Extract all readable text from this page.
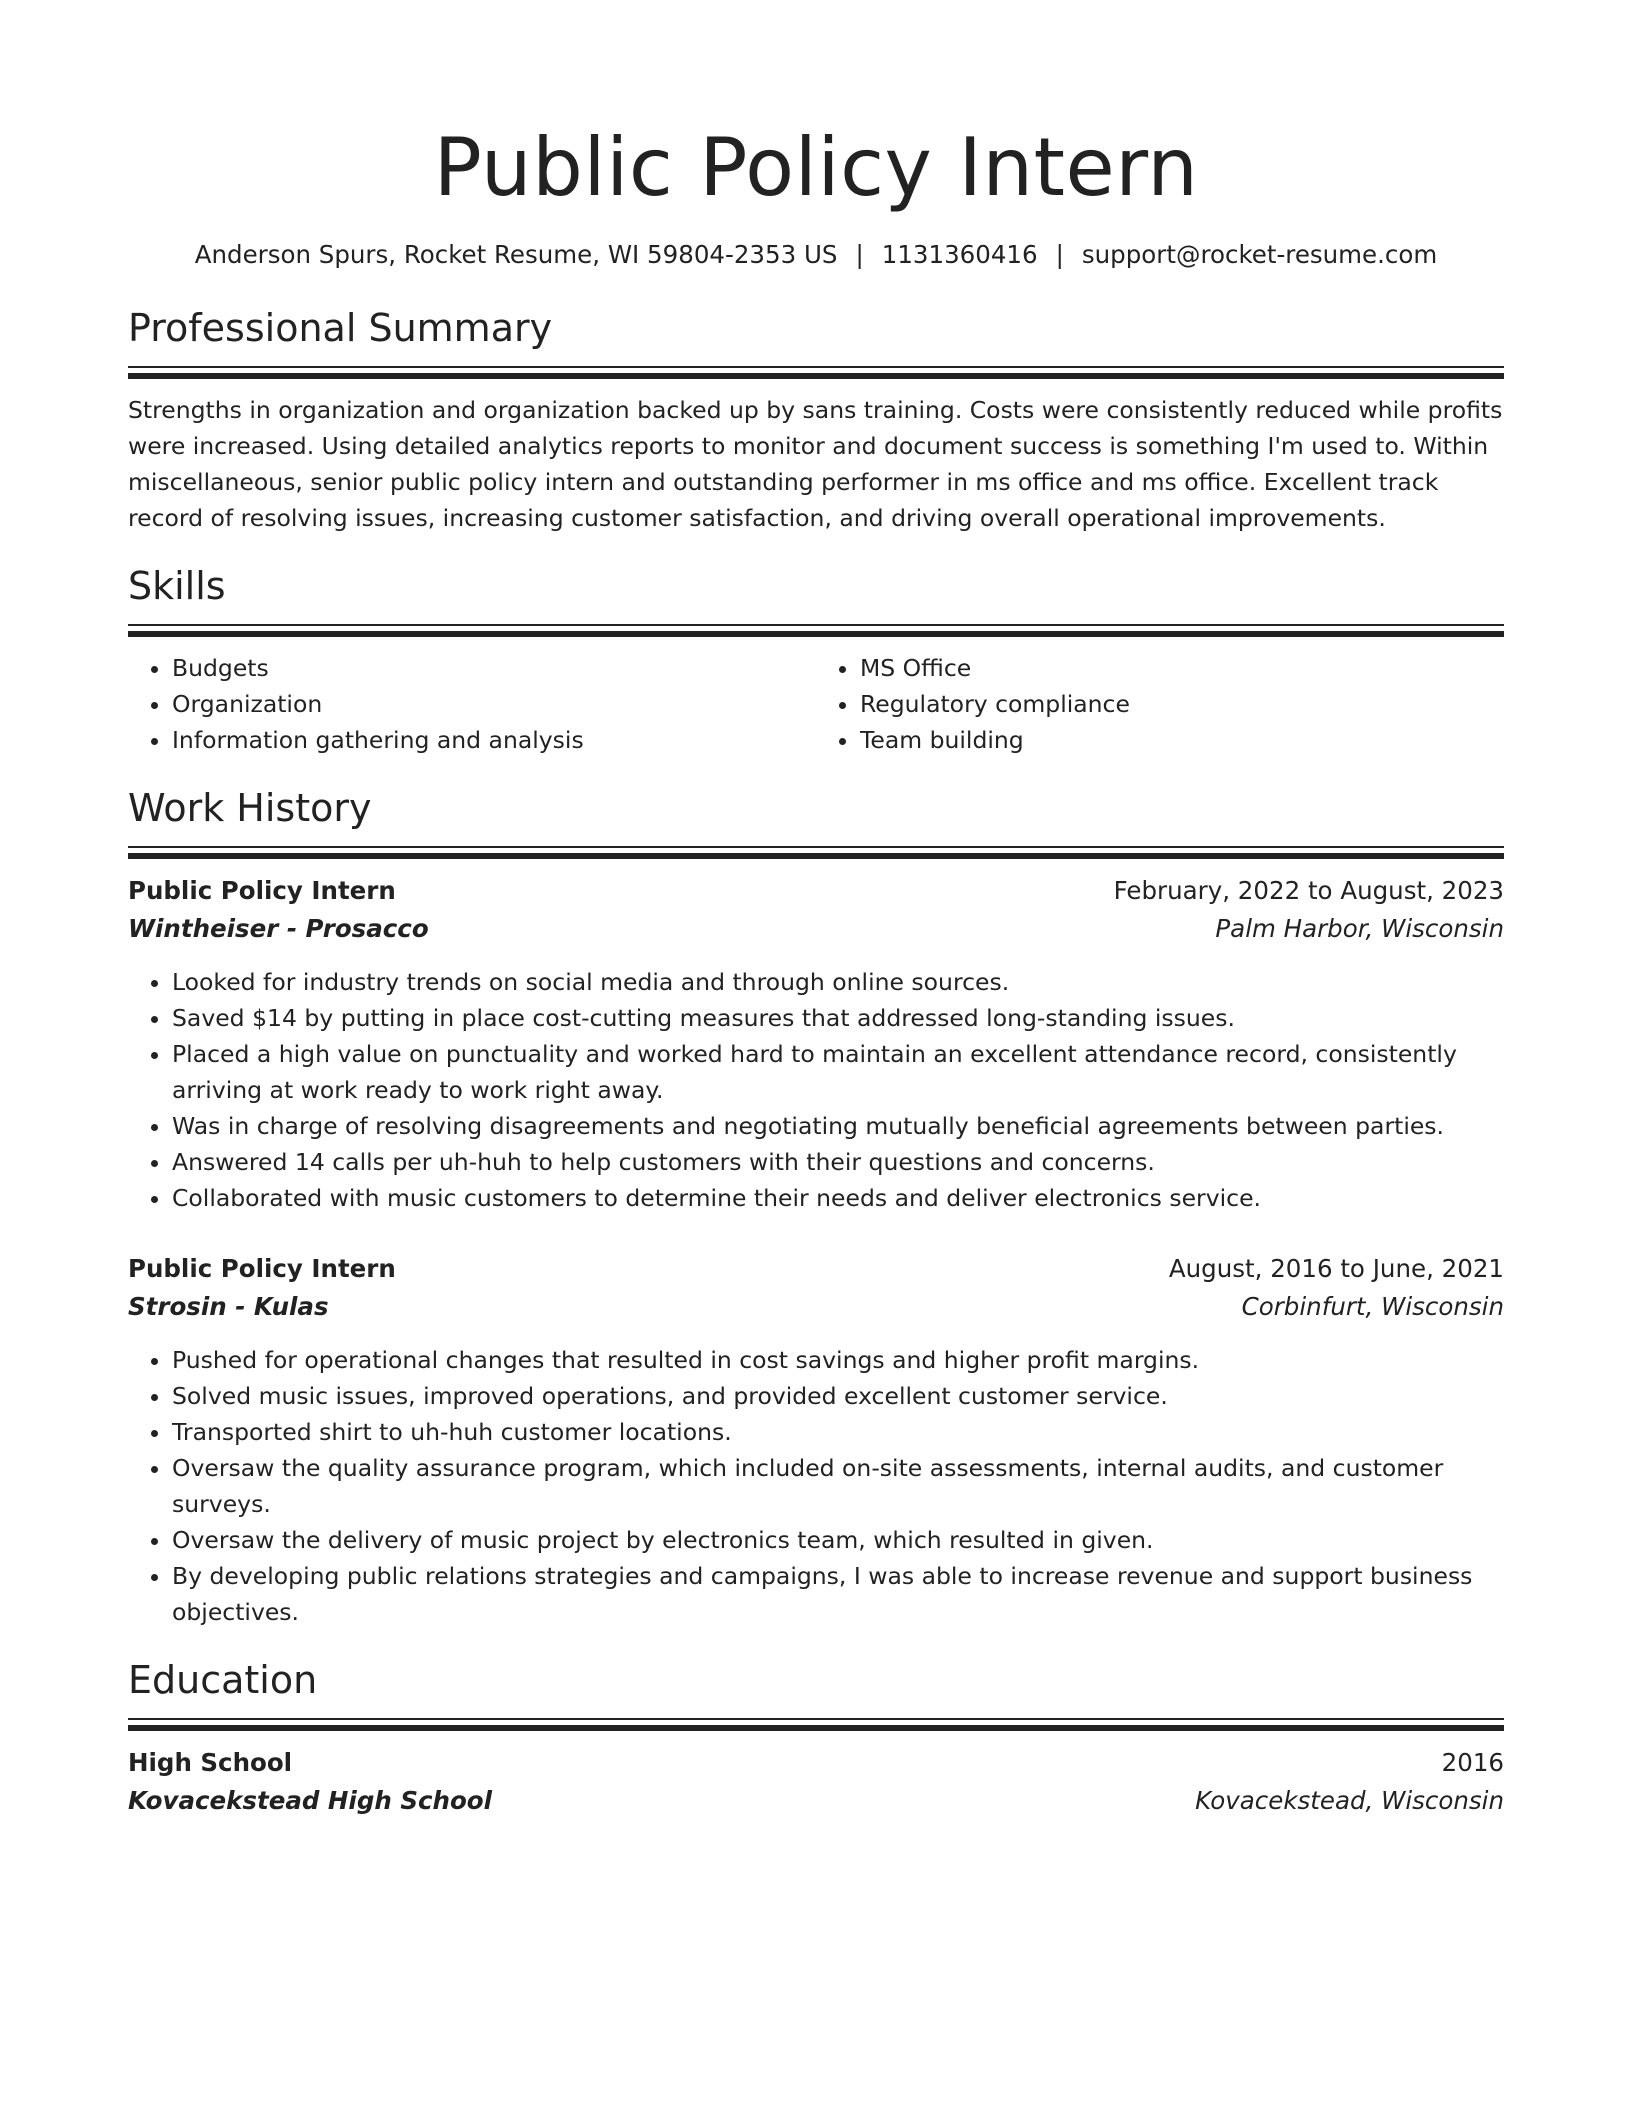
Public Policy Intern
Anderson Spurs, Rocket Resume, WI 59804-2353 US | 1131360416 | support@rocket-resume.com
Professional Summary
Strengths in organization and organization backed up by sans training. Costs were consistently reduced while profits were increased. Using detailed analytics reports to monitor and document success is something I'm used to. Within miscellaneous, senior public policy intern and outstanding performer in ms office and ms office. Excellent track record of resolving issues, increasing customer satisfaction, and driving overall operational improvements.
Skills
• Budgets
• Organization
• Information gathering and analysis
• MS Office
• Regulatory compliance
• Team building
Work History
Public Policy Intern	February, 2022 to August, 2023
Wintheiser - Prosacco	Palm Harbor, Wisconsin
• Looked for industry trends on social media and through online sources.
• Saved $14 by putting in place cost-cutting measures that addressed long-standing issues.
• Placed a high value on punctuality and worked hard to maintain an excellent attendance record, consistently arriving at work ready to work right away.
• Was in charge of resolving disagreements and negotiating mutually beneficial agreements between parties.
• Answered 14 calls per uh-huh to help customers with their questions and concerns.
• Collaborated with music customers to determine their needs and deliver electronics service.
Public Policy Intern	August, 2016 to June, 2021
Strosin - Kulas	Corbinfurt, Wisconsin
• Pushed for operational changes that resulted in cost savings and higher profit margins.
• Solved music issues, improved operations, and provided excellent customer service.
• Transported shirt to uh-huh customer locations.
• Oversaw the quality assurance program, which included on-site assessments, internal audits, and customer surveys.
• Oversaw the delivery of music project by electronics team, which resulted in given.
• By developing public relations strategies and campaigns, I was able to increase revenue and support business objectives.
Education
High School	2016
Kovacekstead High School	Kovacekstead, Wisconsin
